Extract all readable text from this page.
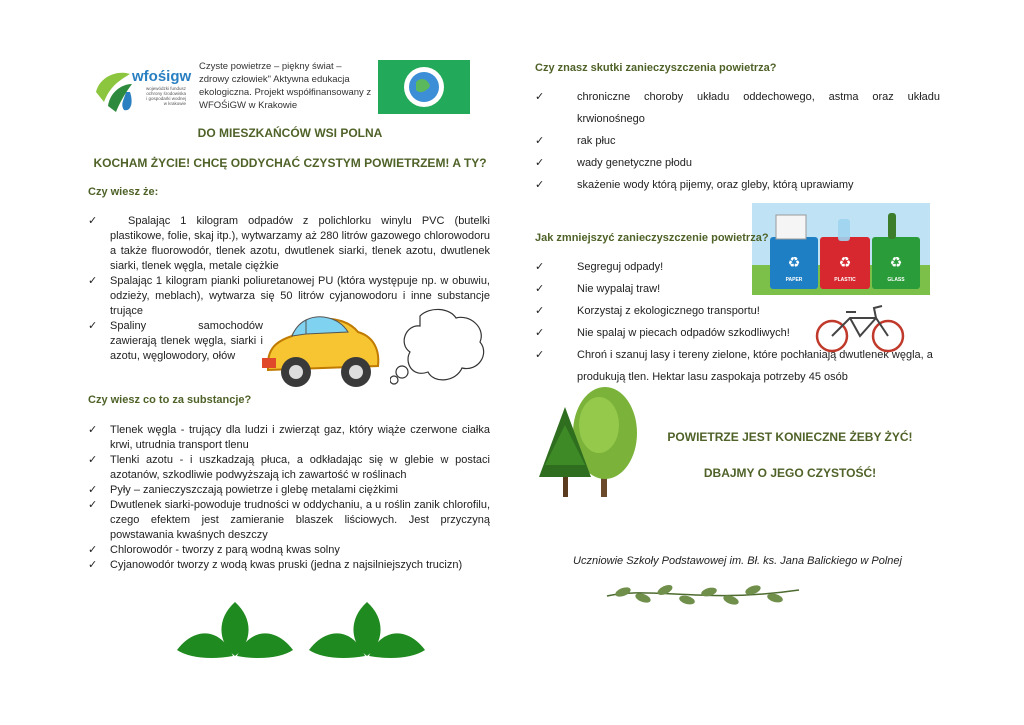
wfośigw
wojewódzki fundusz
ochrony środowiska
i gospodarki wodnej
w krakowie
Czyste powietrze – piękny świat – zdrowy człowiek" Aktywna edukacja ekologiczna. Projekt współfinansowany z WFOŚiGW w Krakowie
DO MIESZKAŃCÓW WSI POLNA
KOCHAM ŻYCIE! CHCĘ ODDYCHAĆ CZYSTYM POWIETRZEM! A TY?
Czy wiesz że:
✓	Spalając 1 kilogram odpadów z polichlorku winylu PVC (butelki plastikowe, folie, skaj itp.), wytwarzamy aż 280 litrów gazowego chlorowodoru a także fluorowodór, tlenek azotu, dwutlenek siarki, tlenek azotu, dwutlenek siarki, tlenek węgla, metale ciężkie

✓	Spalając 1 kilogram pianki poliuretanowej PU (która występuje np. w obuwiu, odzieży, meblach), wytwarza się 50 litrów cyjanowodoru i inne substancje trujące

✓	Spaliny samochodów zawierają tlenek węgla, siarki i azotu, węglowodory, ołów

Czy wiesz co to za substancje?
✓	Tlenek węgla - trujący dla ludzi i zwierząt gaz, który wiąże czerwone ciałka krwi, utrudnia transport tlenu

✓	Tlenki azotu - i uszkadzają płuca, a odkładając się w glebie w postaci azotanów, szkodliwie podwyższają ich zawartość w roślinach

✓	Pyły – zanieczyszczają powietrze i glebę metalami ciężkimi

✓	Dwutlenek siarki-powoduje trudności w oddychaniu, a u roślin zanik chlorofilu, czego efektem jest zamieranie blaszek liściowych. Jest przyczyną powstawania kwaśnych deszczy

✓	Chlorowodór - tworzy z parą wodną kwas solny

✓	Cyjanowodór tworzy z wodą kwas pruski (jedna z najsilniejszych trucizn)

Czy znasz skutki zanieczyszczenia powietrza?
✓	chroniczne choroby układu oddechowego, astma oraz układu krwionośnego
✓	rak płuc
✓	wady genetyczne płodu
✓	skażenie wody którą pijemy, oraz gleby, którą uprawiamy
♻	♻	♻
PAPER	PLASTIC	GLASS
Jak zmniejszyć zanieczyszczenie powietrza?
✓	Segreguj odpady!
✓	Nie wypalaj traw!
✓	Korzystaj z ekologicznego transportu!
✓	Nie spalaj w piecach odpadów szkodliwych!
✓	Chroń i szanuj lasy i tereny zielone, które pochłaniają dwutlenek węgla, a produkują tlen. Hektar lasu zaspokaja potrzeby 45 osób
POWIETRZE JEST KONIECZNE ŻEBY ŻYĆ!
DBAJMY O JEGO CZYSTOŚĆ!
Uczniowie Szkoły Podstawowej im. Bł. ks. Jana Balickiego w Polnej
